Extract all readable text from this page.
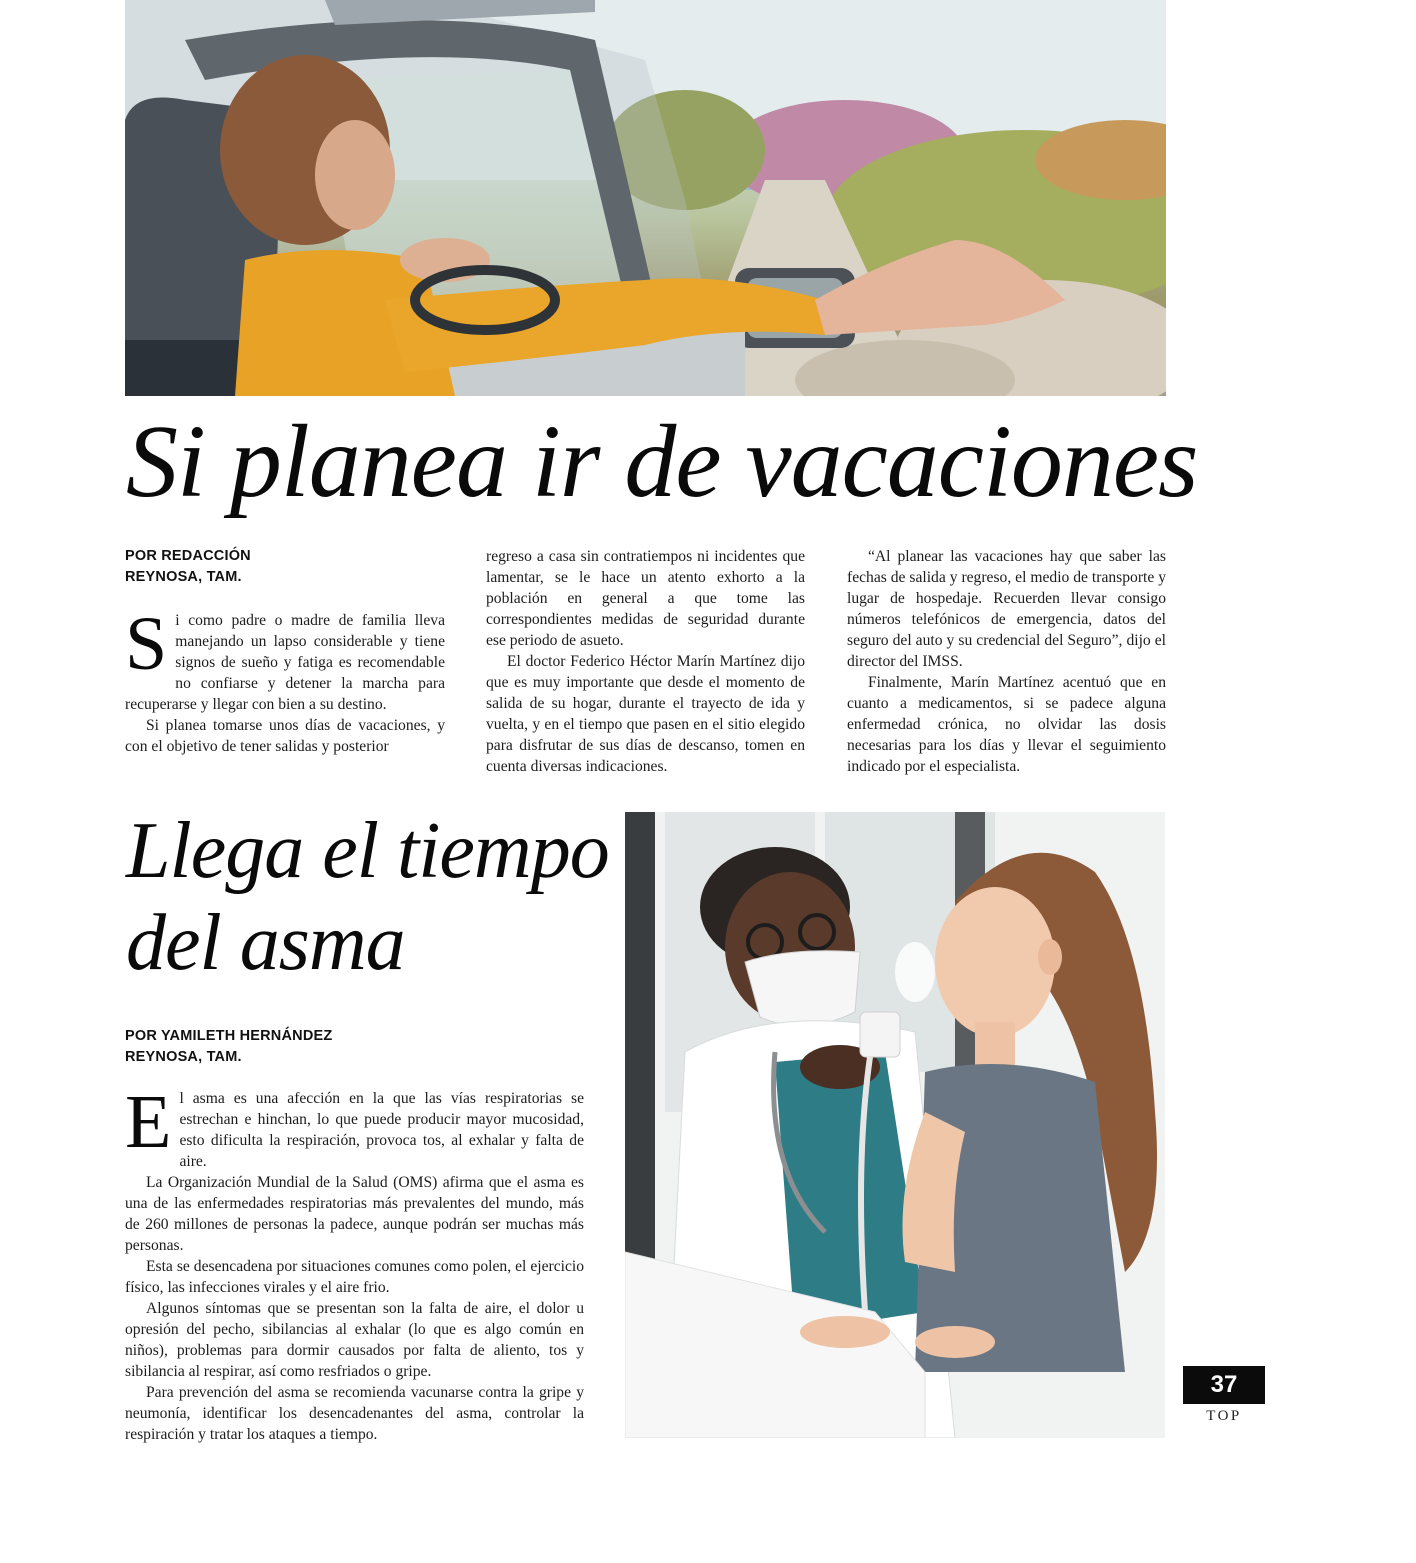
Si planea ir de vacaciones
POR REDACCIÓN
REYNOSA, TAM.

Si como padre o madre de familia lleva manejando un lapso considerable y tiene signos de sueño y fatiga es recomendable no confiarse y detener la marcha para recuperarse y llegar con bien a su destino.

Si planea tomarse unos días de vacaciones, y con el objetivo de tener salidas y posterior

regreso a casa sin contratiempos ni incidentes que lamentar, se le hace un atento exhorto a la población en general a que tome las correspondientes medidas de seguridad durante ese periodo de asueto.

El doctor Federico Héctor Marín Martínez dijo que es muy importante que desde el momento de salida de su hogar, durante el trayecto de ida y vuelta, y en el tiempo que pasen en el sitio elegido para disfrutar de sus días de descanso, tomen en cuenta diversas indicaciones.

“Al planear las vacaciones hay que saber las fechas de salida y regreso, el medio de transporte y lugar de hospedaje. Recuerden llevar consigo números telefónicos de emergencia, datos del seguro del auto y su credencial del Seguro”, dijo el director del IMSS.

Finalmente, Marín Martínez acentuó que en cuanto a medicamentos, si se padece alguna enfermedad crónica, no olvidar las dosis necesarias para los días y llevar el seguimiento indicado por el especialista.

Llega el tiempo
del asma
POR YAMILETH HERNÁNDEZ
REYNOSA, TAM.

El asma es una afección en la que las vías respiratorias se estrechan e hinchan, lo que puede producir mayor mucosidad, esto dificulta la respiración, provoca tos, al exhalar y falta de aire.

La Organización Mundial de la Salud (OMS) afirma que el asma es una de las enfermedades respiratorias más prevalentes del mundo, más de 260 millones de personas la padece, aunque podrán ser muchas más personas.

Esta se desencadena por situaciones comunes como polen, el ejercicio físico, las infecciones virales y el aire frio.

Algunos síntomas que se presentan son la falta de aire, el dolor u opresión del pecho, sibilancias al exhalar (lo que es algo común en niños), problemas para dormir causados por falta de aliento, tos y sibilancia al respirar, así como resfriados o gripe.

Para prevención del asma se recomienda vacunarse contra la gripe y neumonía, identificar los desencadenantes del asma, controlar la respiración y tratar los ataques a tiempo.

37
TOP
